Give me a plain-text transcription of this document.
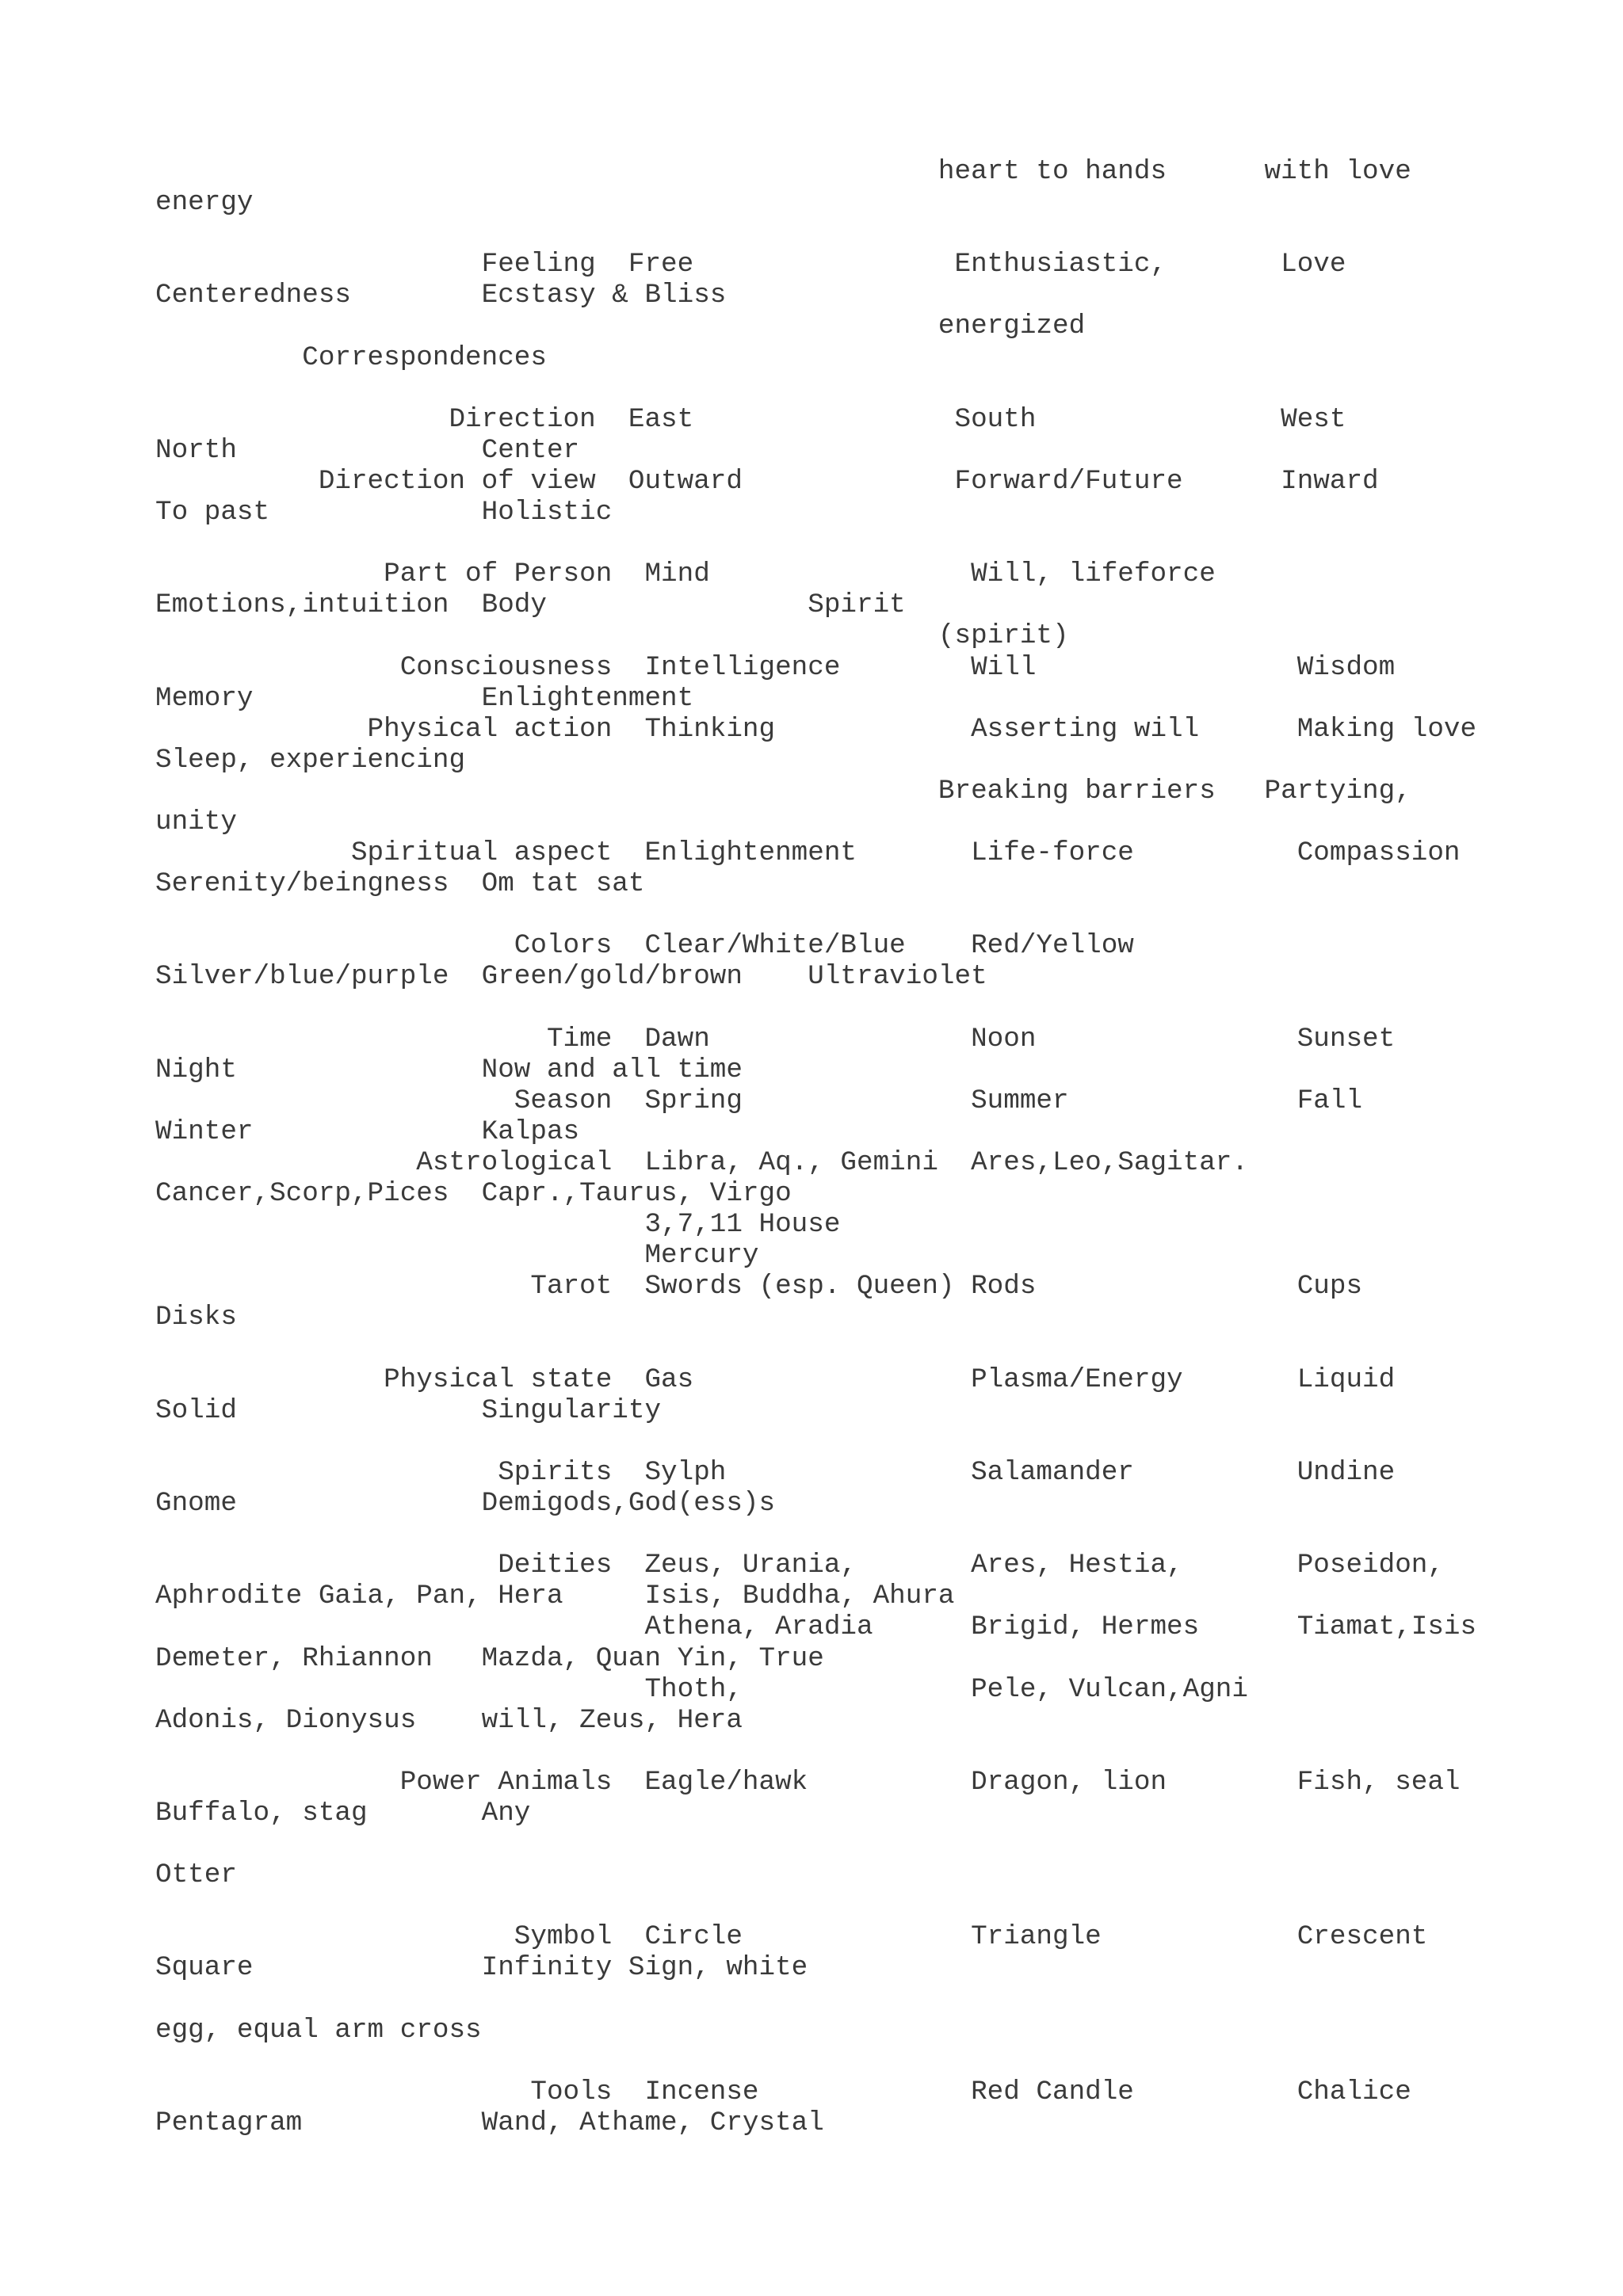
heart to hands      with love
energy
Feeling  Free                Enthusiastic,       Love
Centeredness        Ecstasy & Bliss
energized
Correspondences
Direction  East                South               West
North               Center
Direction of view  Outward             Forward/Future      Inward
To past             Holistic
Part of Person  Mind                Will, lifeforce
Emotions,intuition  Body                Spirit
(spirit)
Consciousness  Intelligence        Will                Wisdom
Memory              Enlightenment
Physical action  Thinking            Asserting will      Making love
Sleep, experiencing
Breaking barriers   Partying,
unity
Spiritual aspect  Enlightenment       Life-force          Compassion
Serenity/beingness  Om tat sat
Colors  Clear/White/Blue    Red/Yellow
Silver/blue/purple  Green/gold/brown    Ultraviolet
Time  Dawn                Noon                Sunset
Night               Now and all time
Season  Spring              Summer              Fall
Winter              Kalpas
Astrological  Libra, Aq., Gemini  Ares,Leo,Sagitar.
Cancer,Scorp,Pices  Capr.,Taurus, Virgo
3,7,11 House
Mercury
Tarot  Swords (esp. Queen) Rods                Cups
Disks
Physical state  Gas                 Plasma/Energy       Liquid
Solid               Singularity
Spirits  Sylph               Salamander          Undine
Gnome               Demigods,God(ess)s
Deities  Zeus, Urania,       Ares, Hestia,       Poseidon,
Aphrodite Gaia, Pan, Hera     Isis, Buddha, Ahura
Athena, Aradia      Brigid, Hermes      Tiamat,Isis
Demeter, Rhiannon   Mazda, Quan Yin, True
Thoth,              Pele, Vulcan,Agni
Adonis, Dionysus    will, Zeus, Hera
Power Animals  Eagle/hawk          Dragon, lion        Fish, seal
Buffalo, stag       Any
Otter
Symbol  Circle              Triangle            Crescent
Square              Infinity Sign, white
egg, equal arm cross
Tools  Incense             Red Candle          Chalice
Pentagram           Wand, Athame, Crystal
